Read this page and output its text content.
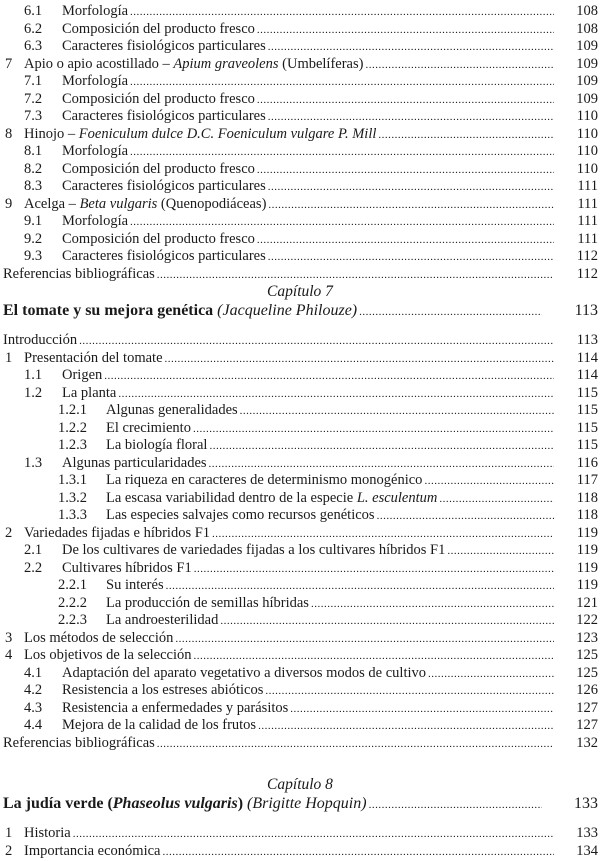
6.1	Morfología .....	108
6.2	Composición del producto fresco .....	108
6.3	Caracteres fisiológicos particulares .....	109
7 Apio o apio acostillado – Apium graveolens (Umbelíferas) .....	109
7.1	Morfología .....	109
7.2	Composición del producto fresco .....	109
7.3	Caracteres fisiológicos particulares .....	110
8 Hinojo – Foeniculum dulce D.C. Foeniculum vulgare P. Mill .....	110
8.1	Morfología .....	110
8.2	Composición del producto fresco .....	110
8.3	Caracteres fisiológicos particulares .....	111
9 Acelga – Beta vulgaris (Quenopodiáceas) .....	111
9.1	Morfología .....	111
9.2	Composición del producto fresco .....	111
9.3	Caracteres fisiológicos particulares .....	112
Referencias bibliográficas .....	112
Capítulo 7
El tomate y su mejora genética (Jacqueline Philouze) .....	113
Introducción .....	113
1 Presentación del tomate .....	114
1.1	Origen .....	114
1.2	La planta .....	115
1.2.1	Algunas generalidades .....	115
1.2.2	El crecimiento .....	115
1.2.3	La biología floral .....	115
1.3	Algunas particularidades .....	116
1.3.1	La riqueza en caracteres de determinismo monogénico .....	117
1.3.2	La escasa variabilidad dentro de la especie L. esculentum .....	118
1.3.3	Las especies salvajes como recursos genéticos .....	118
2 Variedades fijadas e híbridos F1 .....	119
2.1	De los cultivares de variedades fijadas a los cultivares híbridos F1 .....	119
2.2	Cultivares híbridos F1 .....	119
2.2.1	Su interés .....	119
2.2.2	La producción de semillas híbridas .....	121
2.2.3	La androesterilidad .....	122
3 Los métodos de selección .....	123
4 Los objetivos de la selección .....	125
4.1	Adaptación del aparato vegetativo a diversos modos de cultivo .....	125
4.2	Resistencia a los estreses abióticos .....	126
4.3	Resistencia a enfermedades y parásitos .....	127
4.4	Mejora de la calidad de los frutos .....	127
Referencias bibliográficas .....	132
Capítulo 8
La judía verde (Phaseolus vulgaris) (Brigitte Hopquin) .....	133
1 Historia .....	133
2 Importancia económica .....	134
